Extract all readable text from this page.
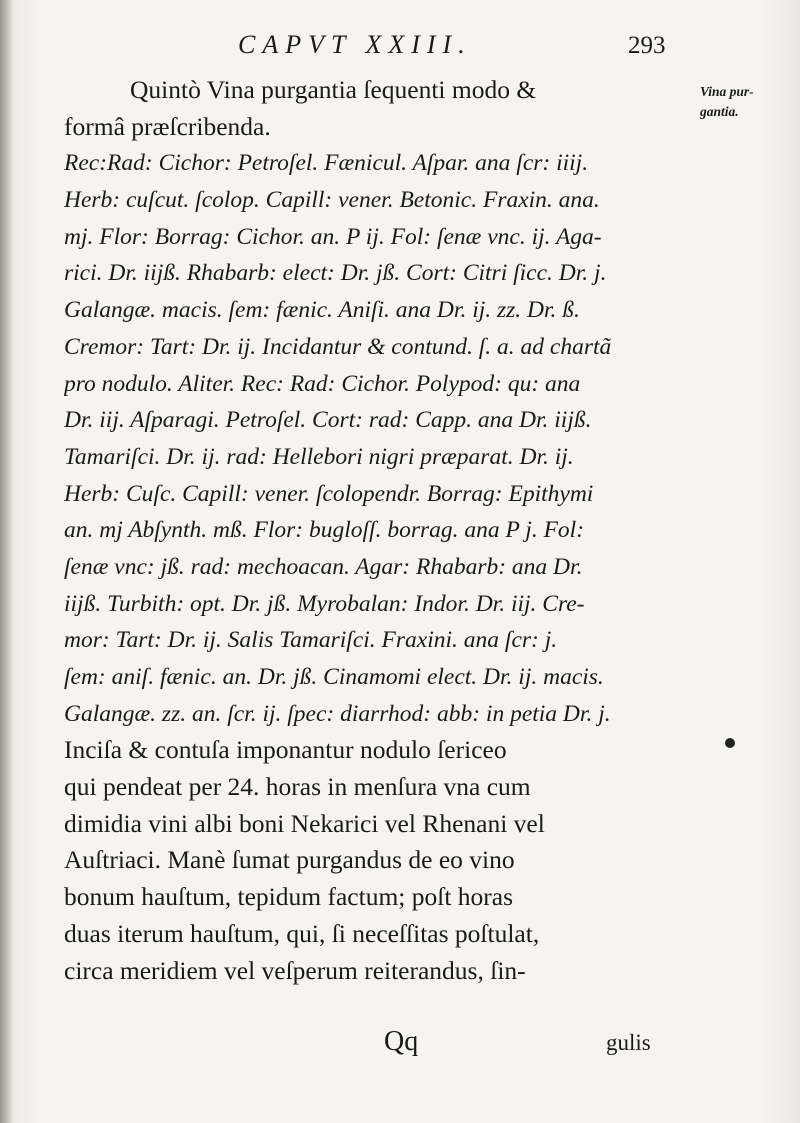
CAPVT XXIII.	293
Vina pur-
gantia.
Quintò Vina purgantia ſequenti modo &
formâ præſcribenda.
Rec:Rad: Cichor: Petroſel. Fænicul. Aſpar. ana ſcr: iiij.
Herb: cuſcut. ſcolop. Capill: vener. Betonic. Fraxin. ana.
mj. Flor: Borrag: Cichor. an. P ij. Fol: ſenæ vnc. ij. Aga-
rici. Dr. iijß. Rhabarb: elect: Dr. jß. Cort: Citri ſicc. Dr. j.
Galangæ. macis. ſem: fænic. Aniſi. ana Dr. ij. zz. Dr. ß.
Cremor: Tart: Dr. ij. Incidantur & contund. ſ. a. ad chartã
pro nodulo. Aliter. Rec: Rad: Cichor. Polypod: qu: ana
Dr. iij. Aſparagi. Petroſel. Cort: rad: Capp. ana Dr. iijß.
Tamariſci. Dr. ij. rad: Hellebori nigri præparat. Dr. ij.
Herb: Cuſc. Capill: vener. ſcolopendr. Borrag: Epithymi
an. mj Abſynth. mß. Flor: bugloſſ. borrag. ana P j. Fol:
ſenæ vnc: jß. rad: mechoacan. Agar: Rhabarb: ana Dr.
iijß. Turbith: opt. Dr. jß. Myrobalan: Indor. Dr. iij. Cre-
mor: Tart: Dr. ij. Salis Tamariſci. Fraxini. ana ſcr: j.
ſem: aniſ. fænic. an. Dr. jß. Cinamomi elect. Dr. ij. macis.
Galangæ. zz. an. ſcr. ij. ſpec: diarrhod: abb: in petia Dr. j.
Inciſa & contuſa imponantur nodulo ſericeo
qui pendeat per 24. horas in menſura vna cum
dimidia vini albi boni Nekarici vel Rhenani vel
Auſtriaci. Manè ſumat purgandus de eo vino
bonum hauſtum, tepidum factum; poſt horas
duas iterum hauſtum, qui, ſi neceſſitas poſtulat,
circa meridiem vel veſperum reiterandus, ſin-
Qq	gulis
